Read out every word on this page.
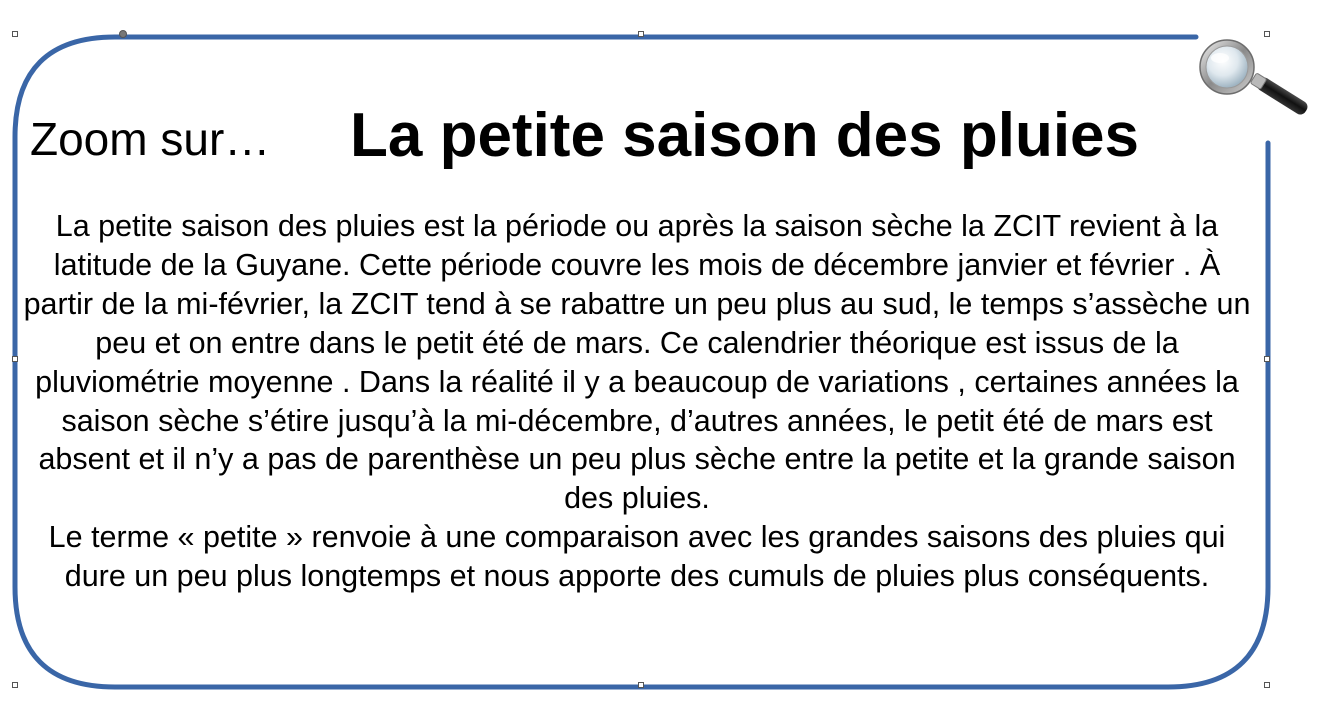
Zoom sur… La petite saison des pluies

La petite saison des pluies est la période ou après la saison sèche la ZCIT revient à la latitude de la Guyane. Cette période couvre les mois de décembre janvier et février . À partir de la mi-février, la ZCIT tend à se rabattre un peu plus au sud, le temps s’assèche un peu et on entre dans le petit été de mars. Ce calendrier théorique est issus de la pluviométrie moyenne . Dans la réalité il y a beaucoup de variations , certaines années la saison sèche s’étire jusqu’à la mi-décembre, d’autres années, le petit été de mars est absent et il n’y a pas de parenthèse un peu plus sèche entre la petite et la grande saison des pluies.

Le terme « petite » renvoie à une comparaison avec les grandes saisons des pluies qui dure un peu plus longtemps et nous apporte des cumuls de pluies plus conséquents.
